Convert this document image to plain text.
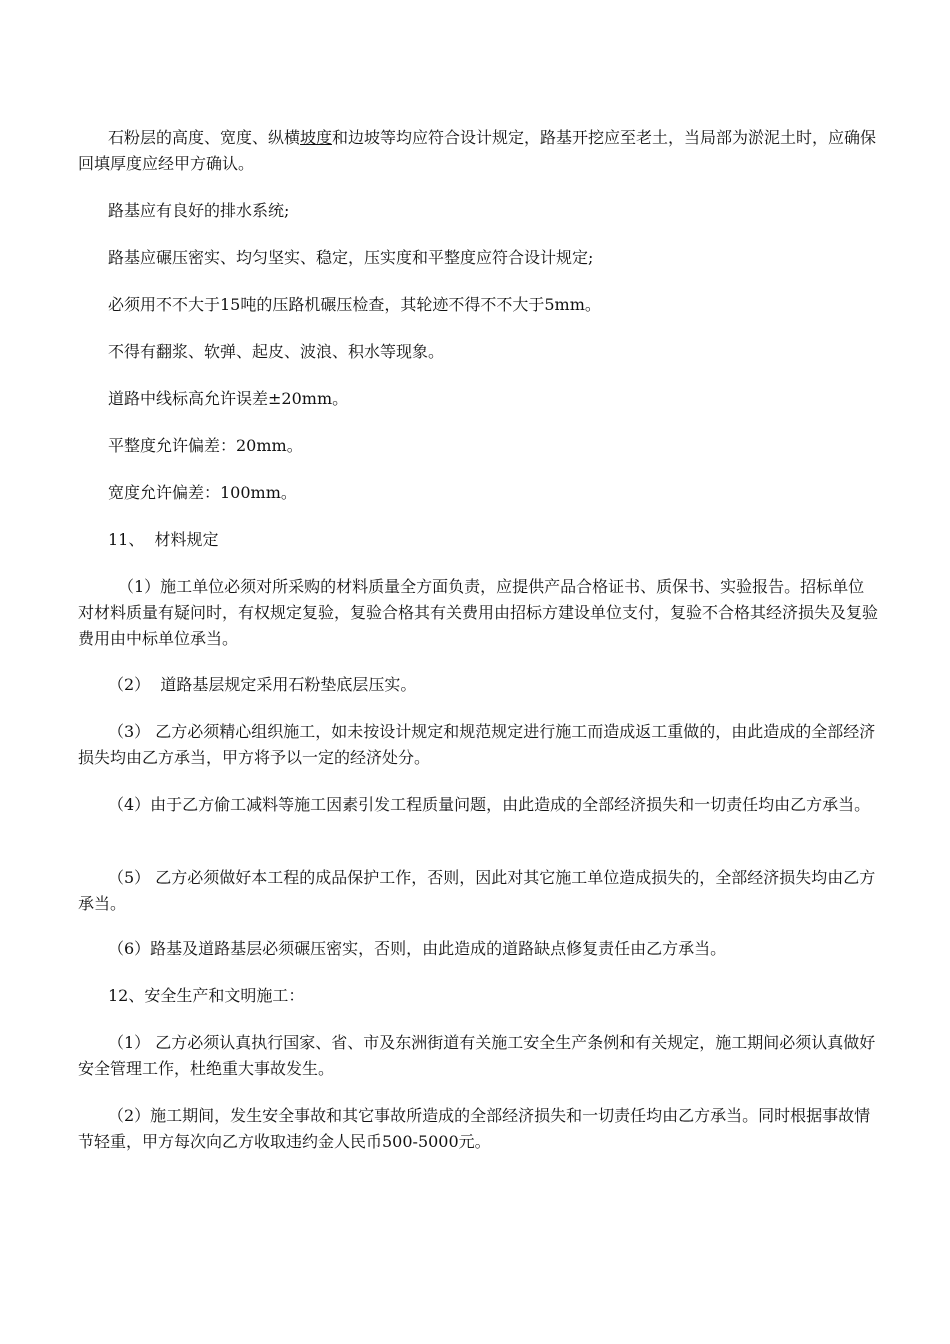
石粉层的高度、宽度、纵横坡度和边坡等均应符合设计规定，路基开挖应至老土，当局部为淤泥土时，应确保回填厚度应经甲方确认。

路基应有良好的排水系统;

路基应碾压密实、均匀坚实、稳定，压实度和平整度应符合设计规定;

必须用不不大于15吨的压路机碾压检查，其轮迹不得不不大于5mm。

不得有翻浆、软弹、起皮、波浪、积水等现象。

道路中线标高允许误差±20mm。

平整度允许偏差：20mm。

宽度允许偏差：100mm。

11、  材料规定

（1）施工单位必须对所采购的材料质量全方面负责，应提供产品合格证书、质保书、实验报告。招标单位对材料质量有疑问时，有权规定复验，复验合格其有关费用由招标方建设单位支付，复验不合格其经济损失及复验费用由中标单位承当。

（2）  道路基层规定采用石粉垫底层压实。

（3） 乙方必须精心组织施工，如未按设计规定和规范规定进行施工而造成返工重做的，由此造成的全部经济损失均由乙方承当，甲方将予以一定的经济处分。

（4）由于乙方偷工减料等施工因素引发工程质量问题，由此造成的全部经济损失和一切责任均由乙方承当。

（5） 乙方必须做好本工程的成品保护工作，否则，因此对其它施工单位造成损失的，全部经济损失均由乙方承当。

（6）路基及道路基层必须碾压密实，否则，由此造成的道路缺点修复责任由乙方承当。

12、安全生产和文明施工：

（1） 乙方必须认真执行国家、省、市及东洲街道有关施工安全生产条例和有关规定，施工期间必须认真做好安全管理工作，杜绝重大事故发生。

（2）施工期间，发生安全事故和其它事故所造成的全部经济损失和一切责任均由乙方承当。同时根据事故情节轻重，甲方每次向乙方收取违约金人民币500-5000元。
